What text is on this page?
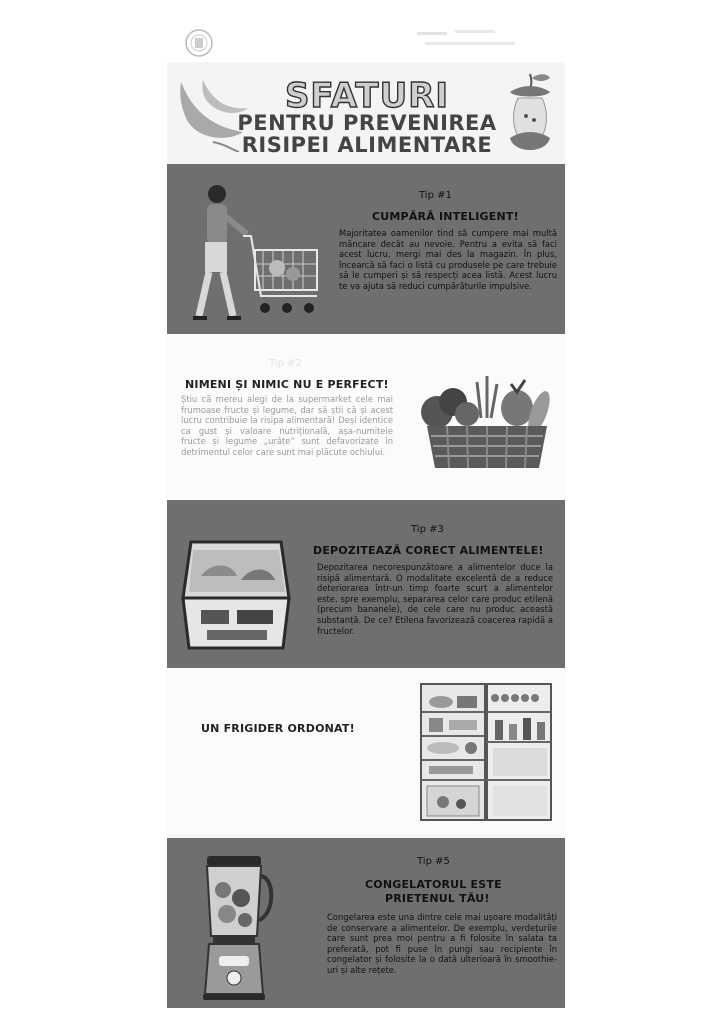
SFATURI
PENTRU PREVENIREA
RISIPEI ALIMENTARE
Tip #1
CUMPĂRĂ INTELIGENT!
Majoritatea oamenilor tind să cumpere mai multă mâncare decât au nevoie. Pentru a evita să faci acest lucru, mergi mai des la magazin. În plus, încearcă să faci o listă cu produsele pe care trebuie să le cumperi și să respecți acea listă. Acest lucru te va ajuta să reduci cumpărăturile impulsive.
Tip #2
NIMENI ȘI NIMIC NU E PERFECT!
Știu că mereu alegi de la supermarket cele mai frumoase fructe și legume, dar să știi că și acest lucru contribuie la risipa alimentară! Deși identice ca gust și valoare nutrițională, așa-numitele fructe și legume „urâte” sunt defavorizate în detrimentul celor care sunt mai plăcute ochiului.
Tip #3
DEPOZITEAZĂ CORECT ALIMENTELE!
Depozitarea necorespunzătoare a alimentelor duce la risipă alimentară. O modalitate excelentă de a reduce deteriorarea într-un timp foarte scurt a alimentelor este, spre exemplu, separarea celor care produc etilenă (precum bananele), de cele care nu produc această substanță. De ce? Etilena favorizează coacerea rapidă a fructelor.
UN FRIGIDER ORDONAT!
Tip #5
CONGELATORUL ESTE
PRIETENUL TĂU!
Congelarea este una dintre cele mai ușoare modalități de conservare a alimentelor. De exemplu, verdețurile care sunt prea moi pentru a fi folosite în salata ta preferată, pot fi puse în pungi sau recipiente în congelator și folosite la o dată ulterioară în smoothie-uri și alte rețete.
